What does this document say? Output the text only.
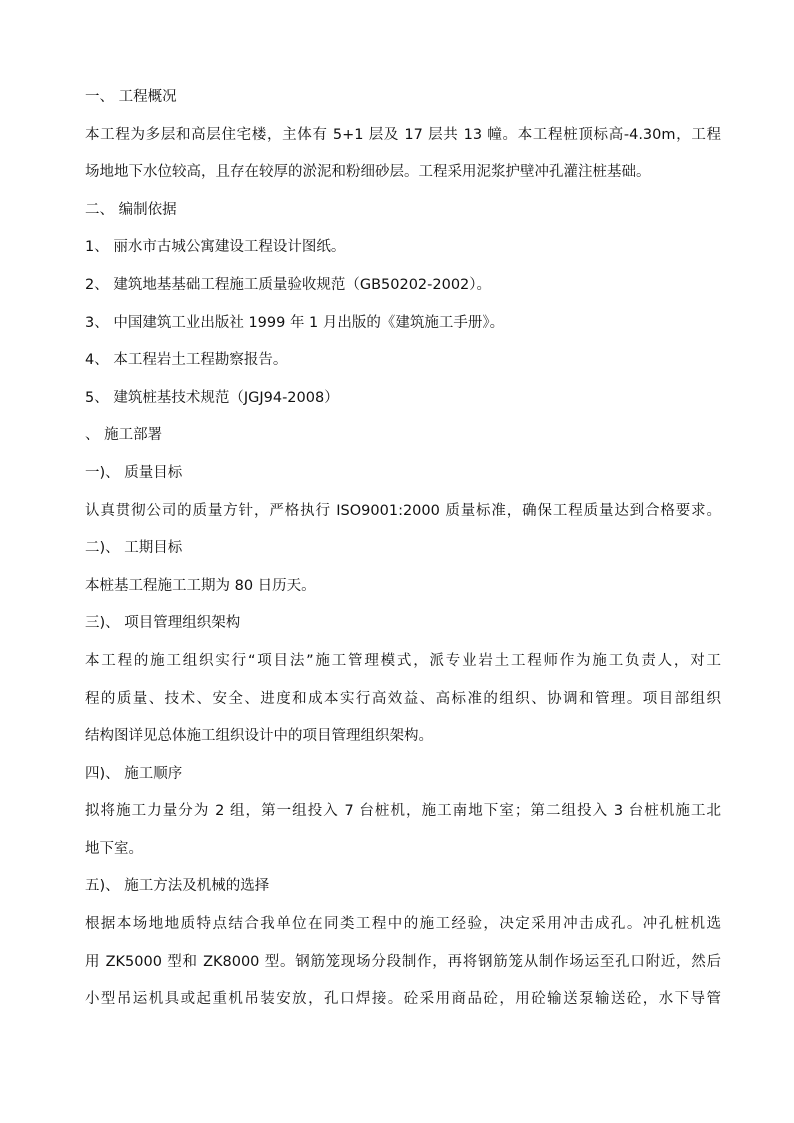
一、 工程概况
本工程为多层和高层住宅楼，主体有 5+1 层及 17 层共 13 幢。本工程桩顶标高-4.30m，工程
场地地下水位较高，且存在较厚的淤泥和粉细砂层。工程采用泥浆护壁冲孔灌注桩基础。
二、 编制依据
1、 丽水市古城公寓建设工程设计图纸。
2、 建筑地基基础工程施工质量验收规范（GB50202-2002）。
3、 中国建筑工业出版社 1999 年 1 月出版的《建筑施工手册》。
4、 本工程岩土工程勘察报告。
5、 建筑桩基技术规范（JGJ94-2008）
、 施工部署
一)、 质量目标
认真贯彻公司的质量方针，严格执行 ISO9001:2000 质量标准，确保工程质量达到合格要求。
二)、 工期目标
本桩基工程施工工期为 80 日历天。
三)、 项目管理组织架构
本工程的施工组织实行“项目法”施工管理模式，派专业岩土工程师作为施工负责人，对工
程的质量、技术、安全、进度和成本实行高效益、高标准的组织、协调和管理。项目部组织
结构图详见总体施工组织设计中的项目管理组织架构。
四)、 施工顺序
拟将施工力量分为 2 组，第一组投入 7 台桩机，施工南地下室；第二组投入 3 台桩机施工北
地下室。
五)、 施工方法及机械的选择
根据本场地地质特点结合我单位在同类工程中的施工经验，决定采用冲击成孔。冲孔桩机选
用 ZK5000 型和 ZK8000 型。钢筋笼现场分段制作，再将钢筋笼从制作场运至孔口附近，然后
小型吊运机具或起重机吊装安放，孔口焊接。砼采用商品砼，用砼输送泵输送砼，水下导管
